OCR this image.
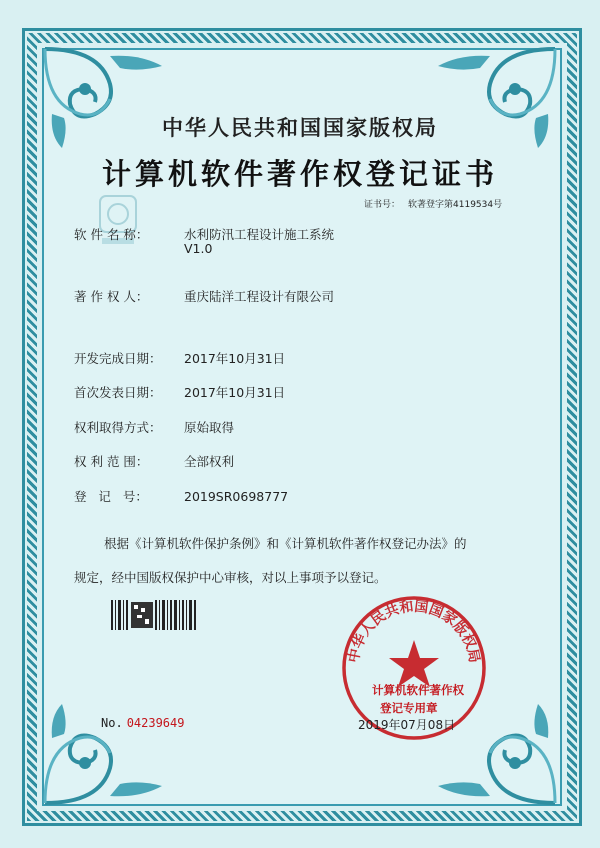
中华人民共和国国家版权局
计算机软件著作权登记证书
证书号： 软著登字第4119534号
软 件 名 称：	水利防汛工程设计施工系统
V1.0
著 作 权 人：	重庆陆洋工程设计有限公司
开发完成日期： 2017年10月31日
首次发表日期： 2017年10月31日
权利取得方式： 原始取得
权 利 范 围：	全部权利
登   记   号：	2019SR0698777
根据《计算机软件保护条例》和《计算机软件著作权登记办法》的
规定，经中国版权保护中心审核，对以上事项予以登记。
中华人民共和国国家版权局
计算机软件著作权
登记专用章
No. 04239649	2019年07月08日
